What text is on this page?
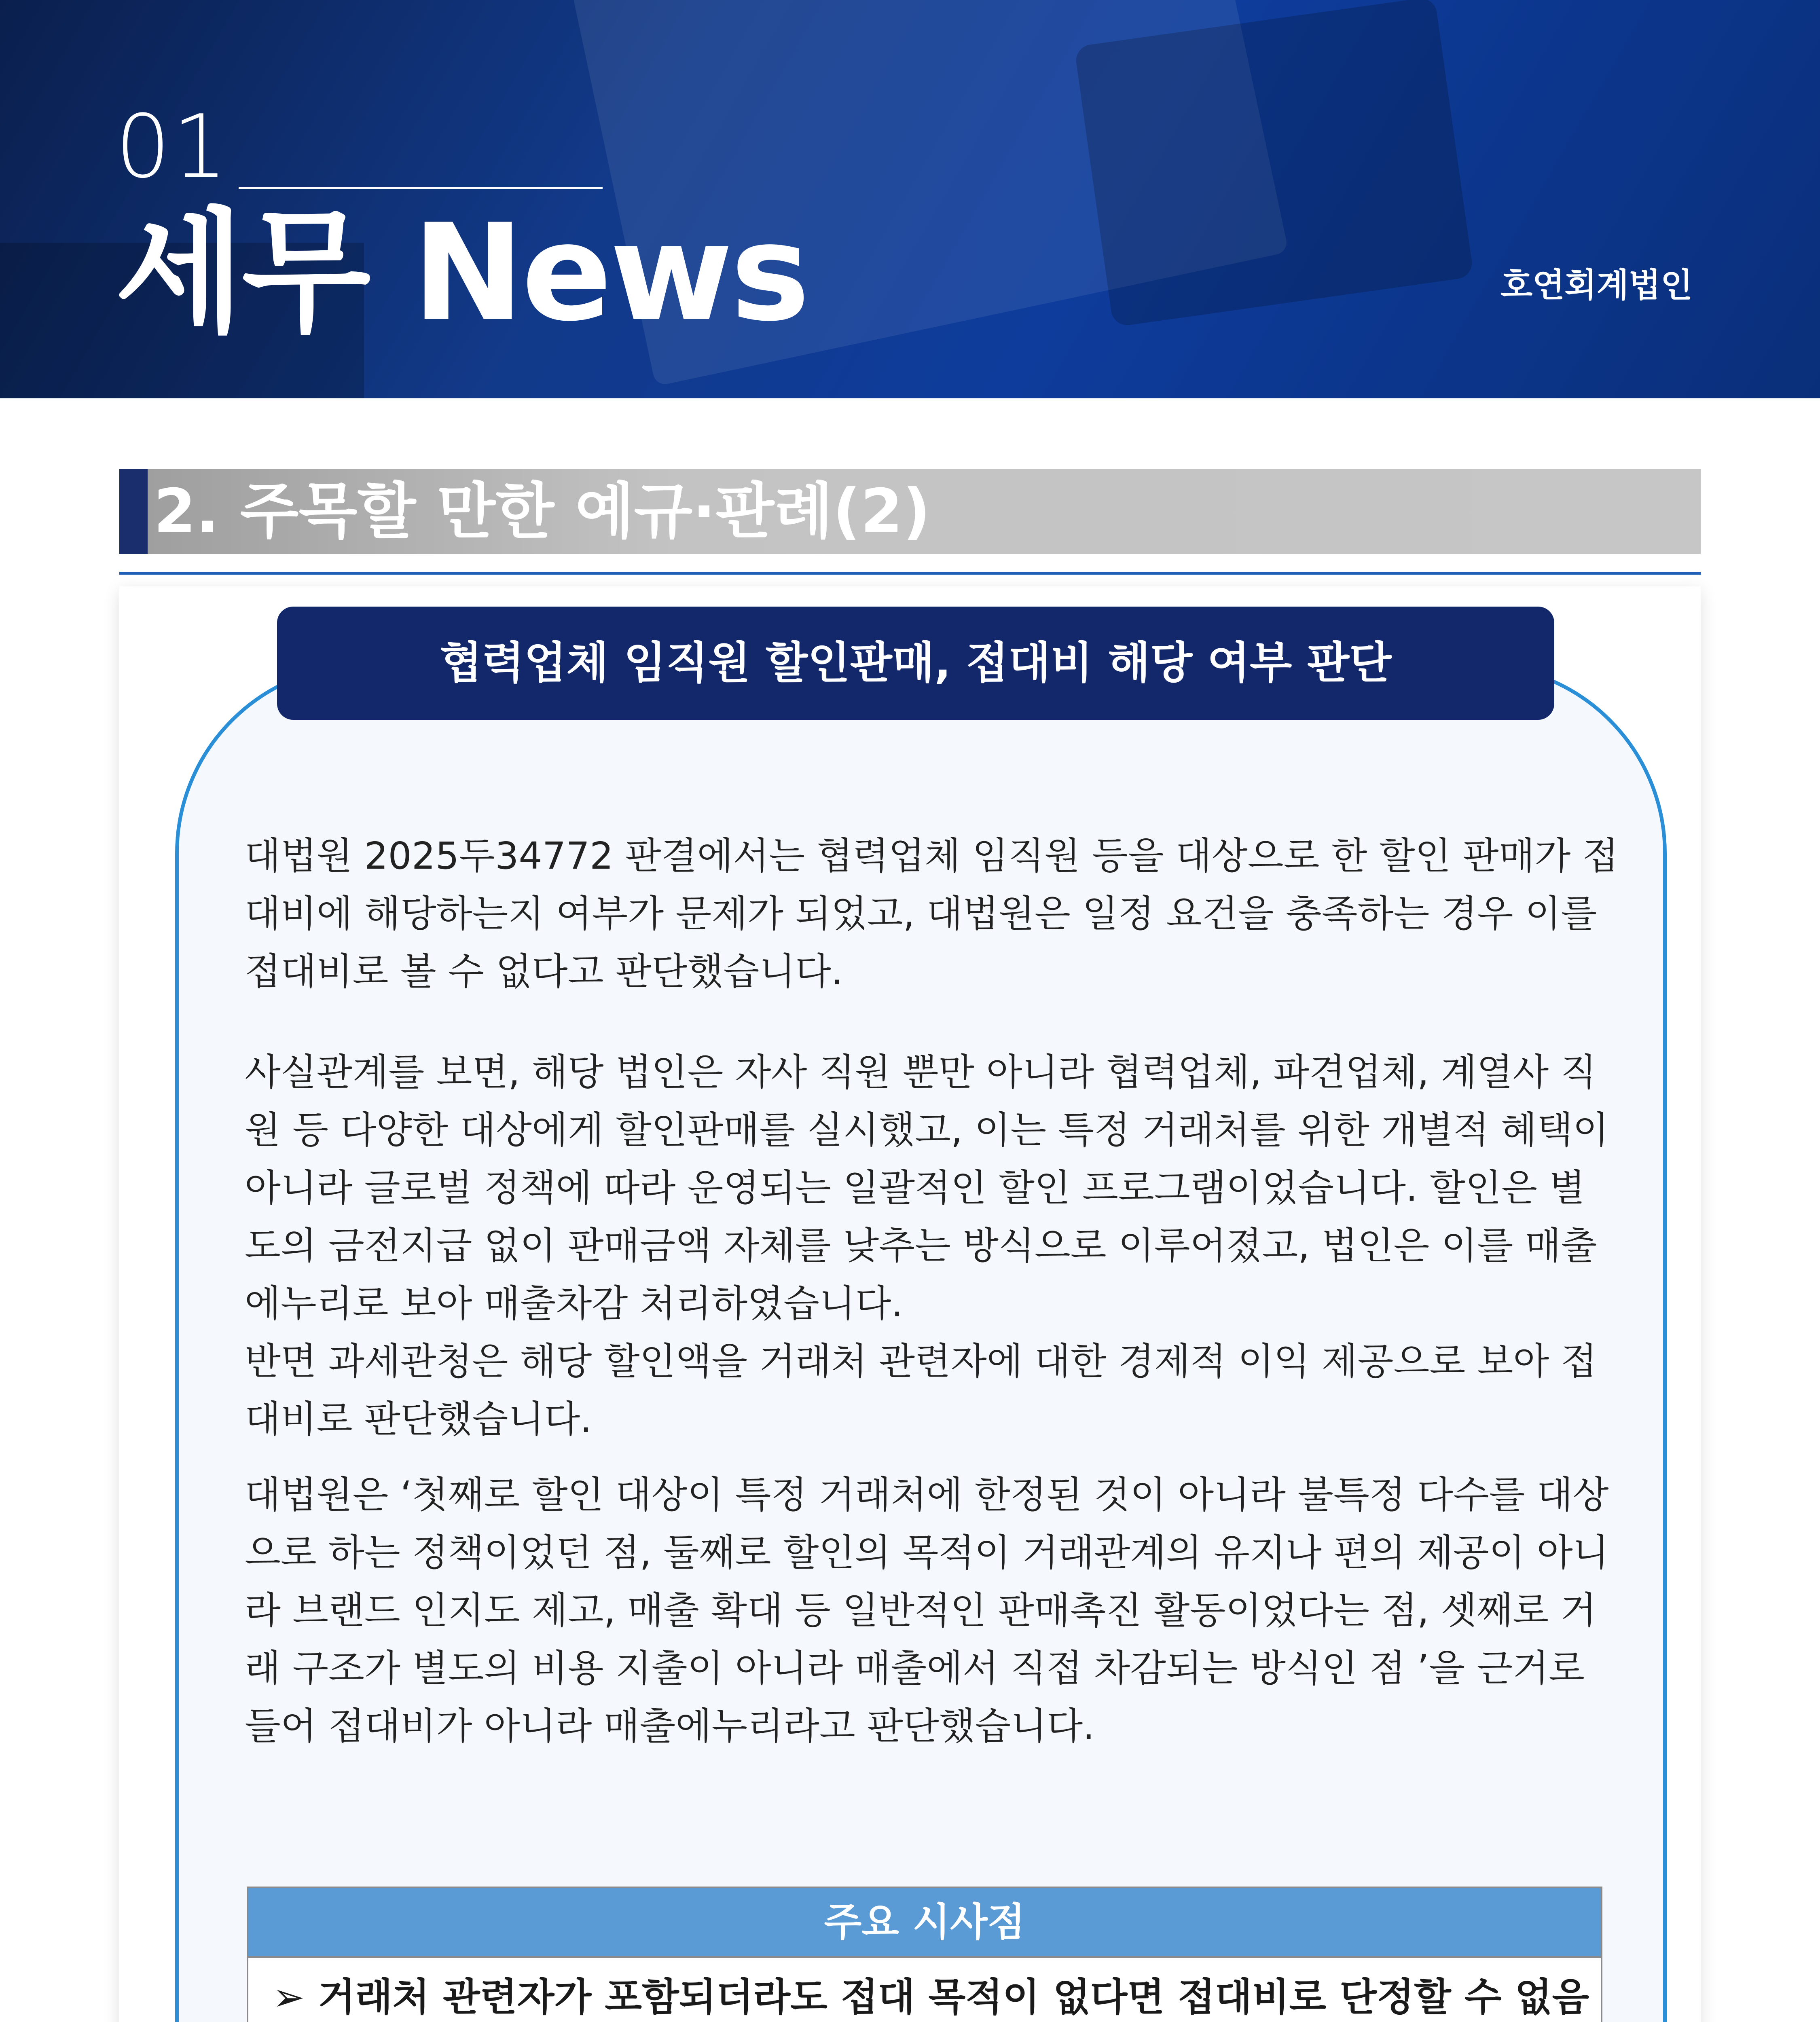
01
세무 News	호연회계법인
2. 주목할 만한 예규·판례(2)
협력업체 임직원 할인판매, 접대비 해당 여부 판단
대법원 2025두34772 판결에서는 협력업체 임직원 등을 대상으로 한 할인 판매가 접대비에 해당하는지 여부가 문제가 되었고, 대법원은 일정 요건을 충족하는 경우 이를 접대비로 볼 수 없다고 판단했습니다.
사실관계를 보면, 해당 법인은 자사 직원 뿐만 아니라 협력업체, 파견업체, 계열사 직원 등 다양한 대상에게 할인판매를 실시했고, 이는 특정 거래처를 위한 개별적 혜택이 아니라 글로벌 정책에 따라 운영되는 일괄적인 할인 프로그램이었습니다. 할인은 별도의 금전지급 없이 판매금액 자체를 낮추는 방식으로 이루어졌고, 법인은 이를 매출에누리로 보아 매출차감 처리하였습니다.
반면 과세관청은 해당 할인액을 거래처 관련자에 대한 경제적 이익 제공으로 보아 접대비로 판단했습니다.
대법원은 ‘첫째로 할인 대상이 특정 거래처에 한정된 것이 아니라 불특정 다수를 대상으로 하는 정책이었던 점, 둘째로 할인의 목적이 거래관계의 유지나 편의 제공이 아니라 브랜드 인지도 제고, 매출 확대 등 일반적인 판매촉진 활동이었다는 점, 셋째로 거래 구조가 별도의 비용 지출이 아니라 매출에서 직접 차감되는 방식인 점 ’을 근거로 들어 접대비가 아니라 매출에누리라고 판단했습니다.
주요 시사점
➢ 거래처 관련자가 포함되더라도 접대 목적이 없다면 접대비로 단정할 수 없음
